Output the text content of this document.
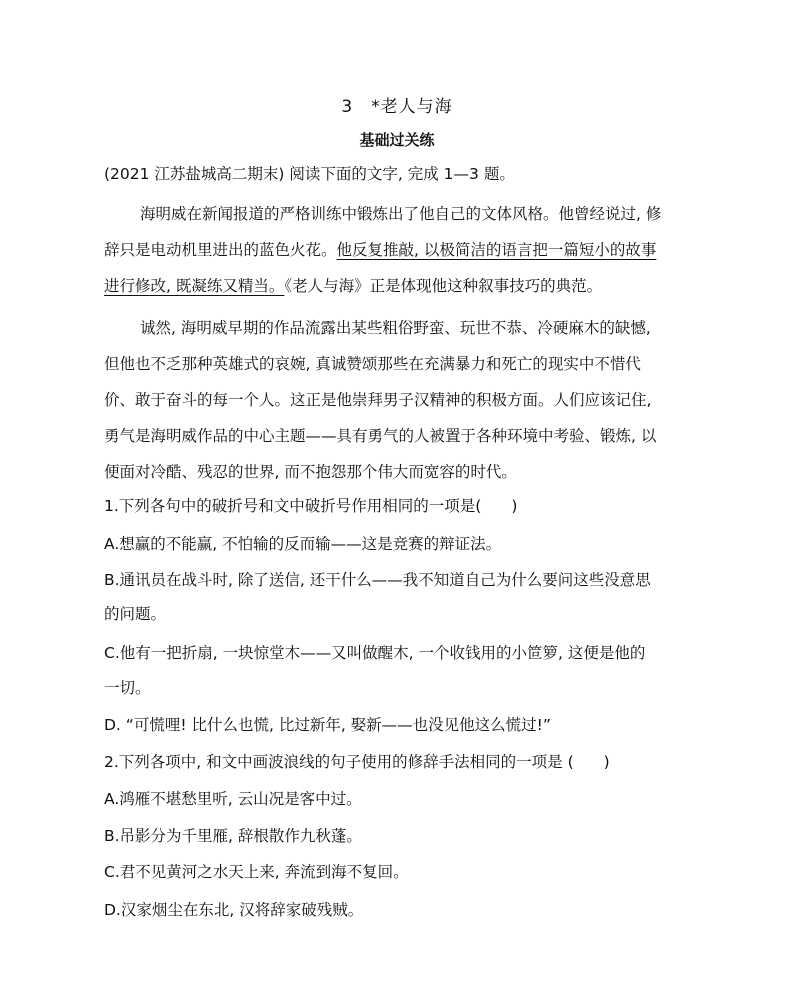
3 *老人与海
基础过关练
(2021 江苏盐城高二期末) 阅读下面的文字, 完成 1—3 题。
海明威在新闻报道的严格训练中锻炼出了他自己的文体风格。他曾经说过, 修
辞只是电动机里进出的蓝色火花。他反复推敲, 以极简洁的语言把一篇短小的故事
进行修改, 既凝练又精当。《老人与海》正是体现他这种叙事技巧的典范。
诚然, 海明威早期的作品流露出某些粗俗野蛮、玩世不恭、冷硬麻木的缺憾,
但他也不乏那种英雄式的哀婉, 真诚赞颂那些在充满暴力和死亡的现实中不惜代
价、敢于奋斗的每一个人。这正是他崇拜男子汉精神的积极方面。人们应该记住,
勇气是海明威作品的中心主题——具有勇气的人被置于各种环境中考验、锻炼, 以
便面对冷酷、残忍的世界, 而不抱怨那个伟大而宽容的时代。
1.下列各句中的破折号和文中破折号作用相同的一项是( )
A.想赢的不能赢, 不怕输的反而输——这是竞赛的辩证法。
B.通讯员在战斗时, 除了送信, 还干什么——我不知道自己为什么要问这些没意思
的问题。
C.他有一把折扇, 一块惊堂木——又叫做醒木, 一个收钱用的小笸箩, 这便是他的
一切。
D. “可慌哩! 比什么也慌, 比过新年, 娶新——也没见他这么慌过!”
2.下列各项中, 和文中画波浪线的句子使用的修辞手法相同的一项是 ( )
A.鸿雁不堪愁里听, 云山况是客中过。
B.吊影分为千里雁, 辞根散作九秋蓬。
C.君不见黄河之水天上来, 奔流到海不复回。
D.汉家烟尘在东北, 汉将辞家破残贼。
